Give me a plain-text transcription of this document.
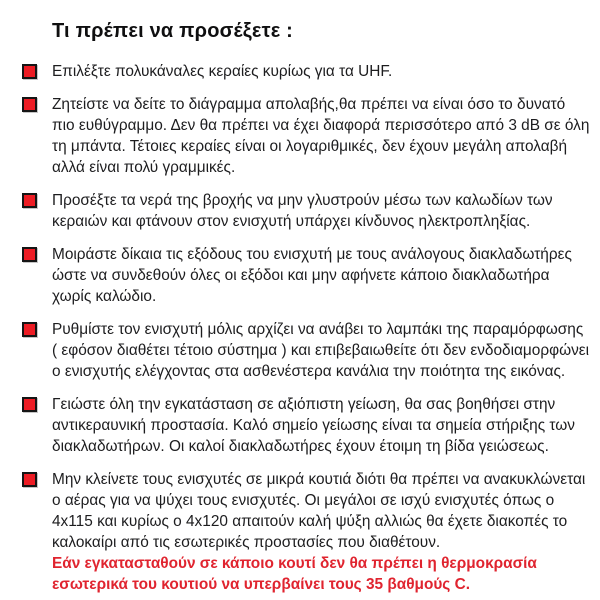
Τι πρέπει να προσέξετε :
Επιλέξτε πολυκάναλες κεραίες κυρίως για τα UHF.
Ζητείστε να δείτε το διάγραμμα απολαβής,θα πρέπει να είναι όσο το δυνατό πιο ευθύγραμμο. Δεν θα πρέπει να έχει διαφορά περισσότερο από 3 dB σε όλη τη μπάντα. Τέτοιες κεραίες είναι οι λογαριθμικές, δεν έχουν μεγάλη απολαβή αλλά είναι πολύ γραμμικές.
Προσέξτε τα νερά της βροχής να μην γλυστρούν μέσω των καλωδίων των κεραιών και φτάνουν στον ενισχυτή υπάρχει κίνδυνος ηλεκτροπληξίας.
Μοιράστε δίκαια τις εξόδους του ενισχυτή με τους ανάλογους διακλαδωτήρες ώστε να συνδεθούν όλες οι εξόδοι και μην αφήνετε κάποιο διακλαδωτήρα χωρίς καλώδιο.
Ρυθμίστε τον ενισχυτή μόλις αρχίζει να ανάβει το λαμπάκι της παραμόρφωσης ( εφόσον διαθέτει τέτοιο σύστημα ) και επιβεβαιωθείτε ότι δεν ενδοδιαμορφώνει ο ενισχυτής ελέγχοντας στα ασθενέστερα κανάλια την ποιότητα της εικόνας.
Γειώστε όλη την εγκατάσταση σε αξιόπιστη γείωση, θα σας βοηθήσει στην αντικεραυνική προστασία. Καλό σημείο γείωσης είναι τα σημεία στήριξης των διακλαδωτήρων. Οι καλοί διακλαδωτήρες έχουν έτοιμη τη βίδα γειώσεως.
Μην κλείνετε τους ενισχυτές σε μικρά κουτιά διότι θα πρέπει να ανακυκλώνεται ο αέρας για να ψύχει τους ενισχυτές. Οι μεγάλοι σε ισχύ ενισχυτές όπως ο 4x115 και κυρίως ο 4x120 απαιτούν καλή ψύξη αλλιώς θα έχετε διακοπές το καλοκαίρι από τις εσωτερικές προστασίες που διαθέτουν.
Εάν εγκατασταθούν σε κάποιο κουτί δεν θα πρέπει η θερμοκρασία εσωτερικά του κουτιού να υπερβαίνει τους 35 βαθμούς C.
